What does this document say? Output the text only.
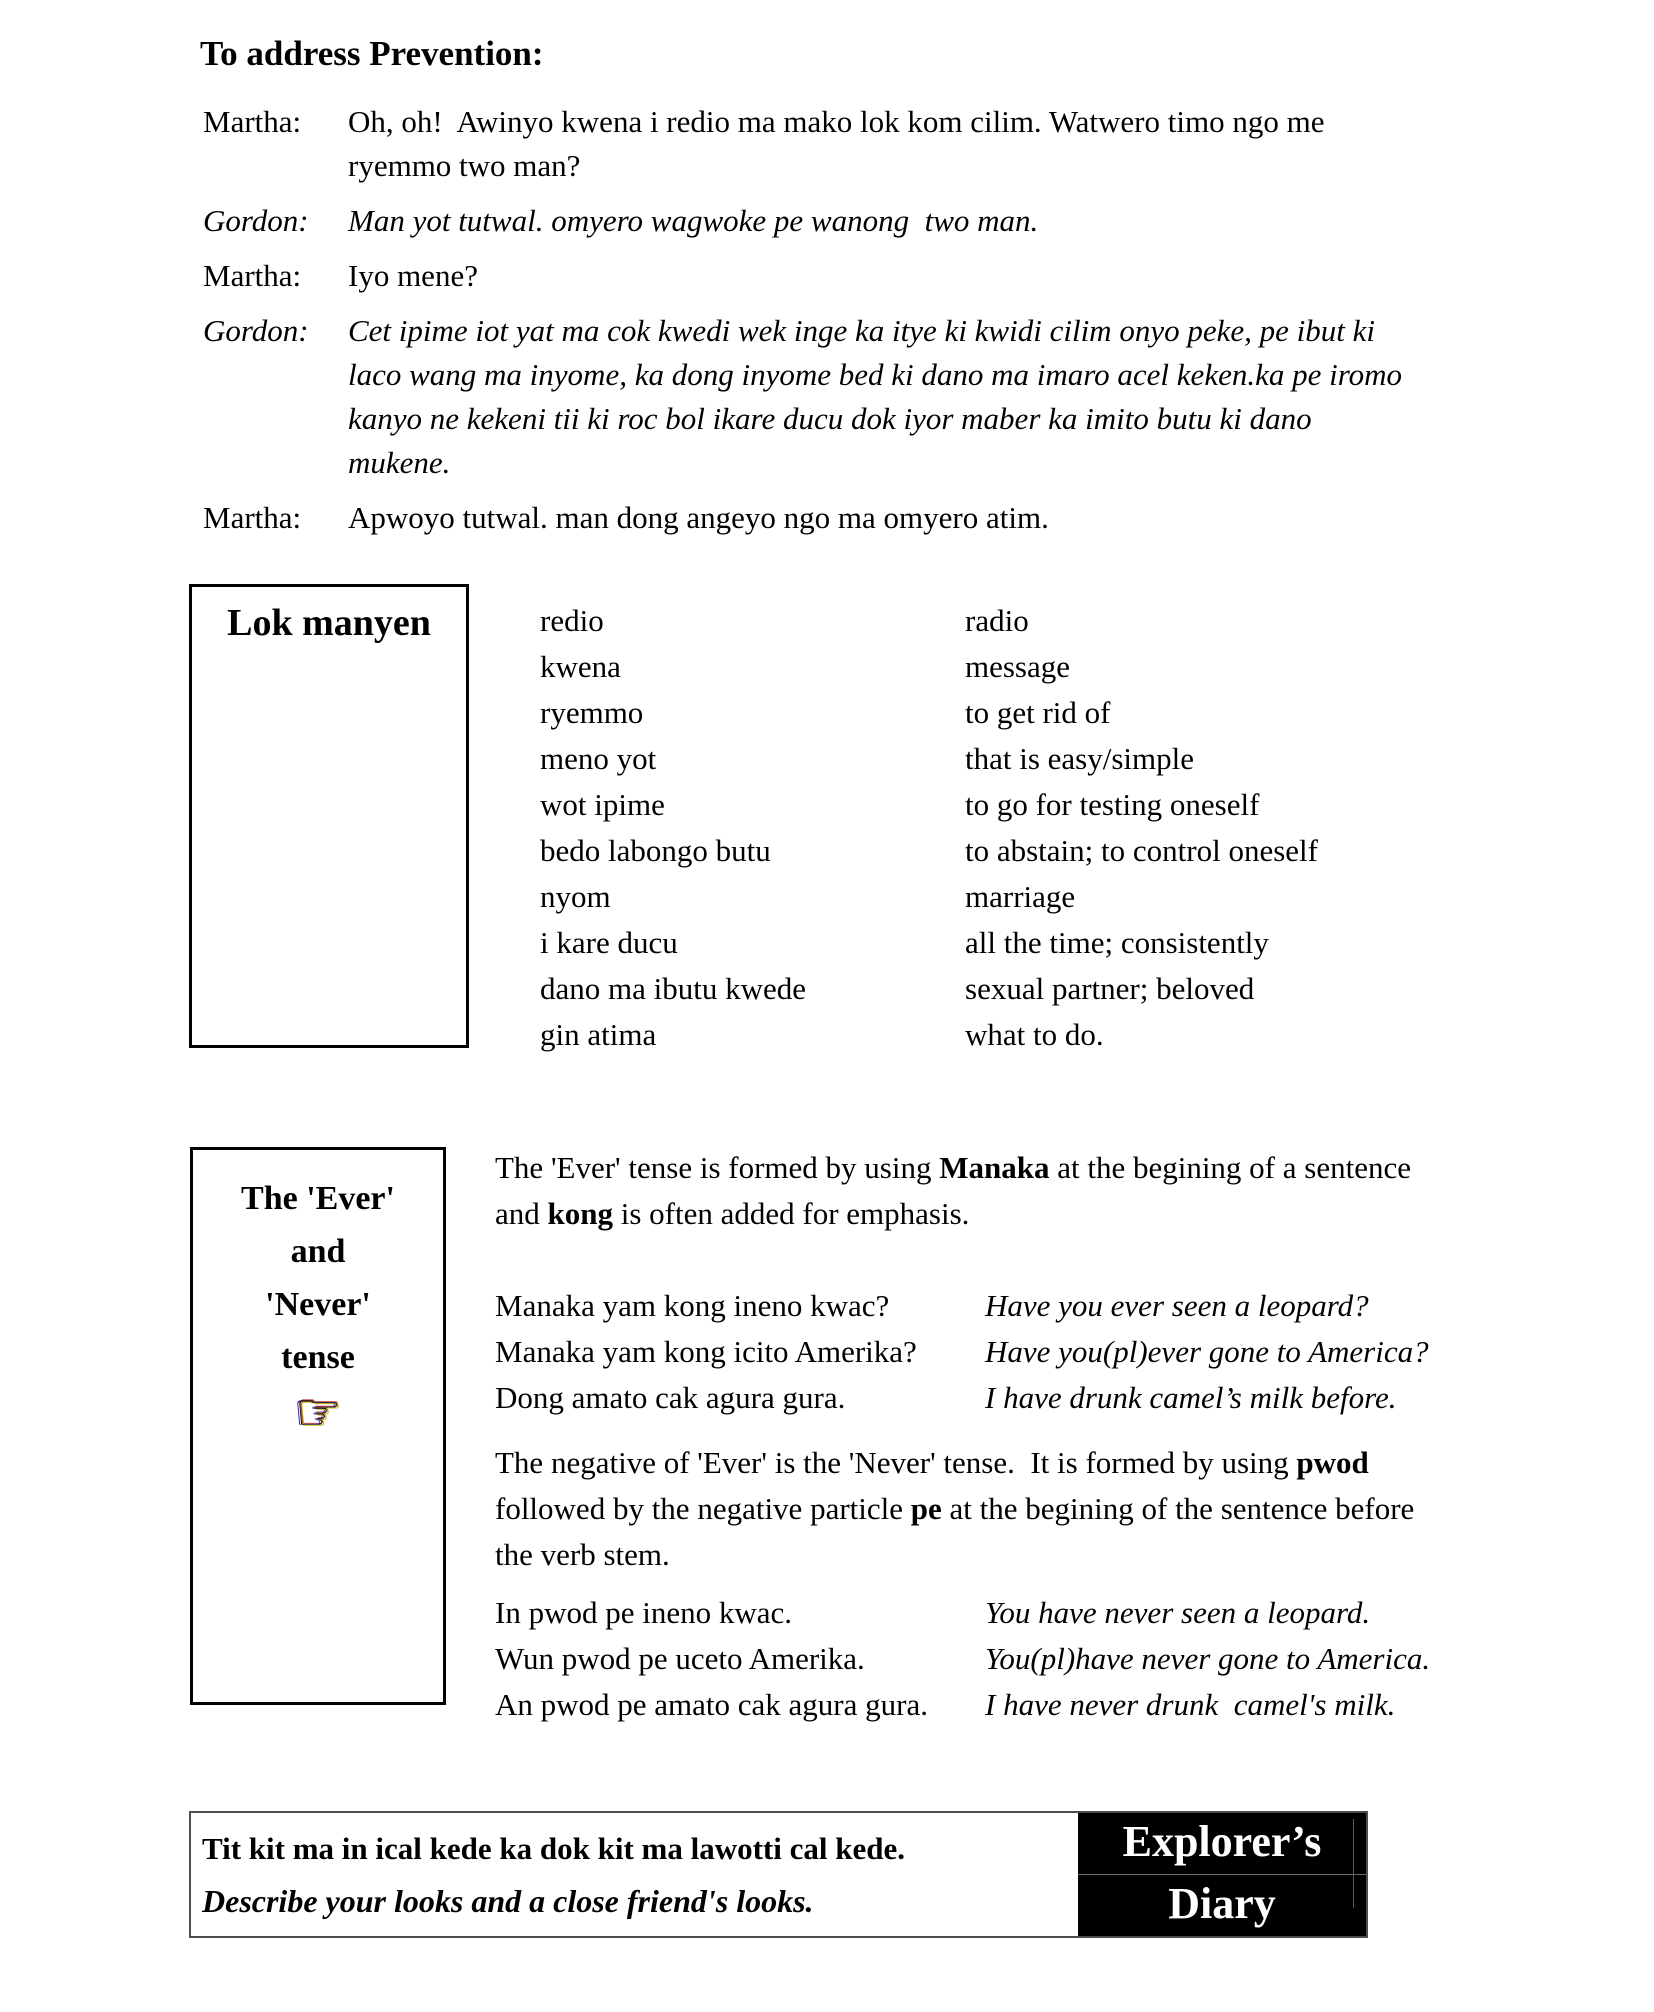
To address Prevention:
Martha:	Oh, oh!  Awinyo kwena i redio ma mako lok kom cilim. Watwero timo ngo me
ryemmo two man?
Gordon:	Man yot tutwal. omyero wagwoke pe wanong  two man.
Martha:	Iyo mene?
Gordon:	Cet ipime iot yat ma cok kwedi wek inge ka itye ki kwidi cilim onyo peke, pe ibut ki
laco wang ma inyome, ka dong inyome bed ki dano ma imaro acel keken.ka pe iromo
kanyo ne kekeni tii ki roc bol ikare ducu dok iyor maber ka imito butu ki dano
mukene.
Martha:	Apwoyo tutwal. man dong angeyo ngo ma omyero atim.
Lok manyen	redio	radio
kwena	message
ryemmo	to get rid of
meno yot	that is easy/simple
wot ipime	to go for testing oneself
bedo labongo butu	to abstain; to control oneself
nyom	marriage
i kare ducu	all the time; consistently
dano ma ibutu kwede	sexual partner; beloved
gin atima	what to do.
The 'Ever'
and
'Never'
tense
☞
The 'Ever' tense is formed by using Manaka at the begining of a sentence
and kong is often added for emphasis.
Manaka yam kong ineno kwac?	Have you ever seen a leopard?
Manaka yam kong icito Amerika?	Have you(pl)ever gone to America?
Dong amato cak agura gura.	I have drunk camel’s milk before.
The negative of 'Ever' is the 'Never' tense.  It is formed by using pwod
followed by the negative particle pe at the begining of the sentence before
the verb stem.
In pwod pe ineno kwac.	You have never seen a leopard.
Wun pwod pe uceto Amerika.	You(pl)have never gone to America.
An pwod pe amato cak agura gura.	I have never drunk  camel's milk.
Tit kit ma in ical kede ka dok kit ma lawotti cal kede.
Describe your looks and a close friend's looks.
Explorer’s
Diary
